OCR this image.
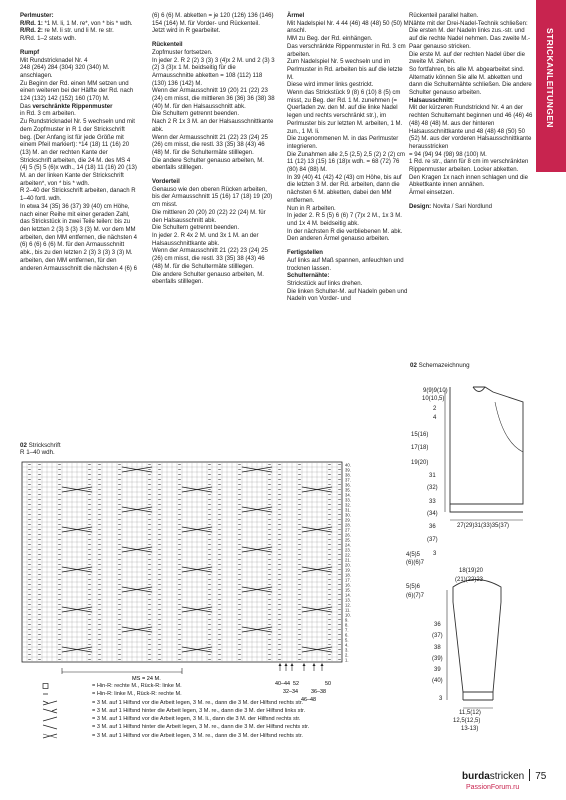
STRICKANLEITUNGEN

Perlmuster:

R/Rd. 1: *1 M. li, 1 M. re*, von * bis * wdh.

R/Rd. 2: re M. li str. und li M. re str.
R/Rd. 1–2 stets wdh.

Rumpf

Mit Rundstricknadel Nr. 4
248 (264) 284 (304) 320 (340) M. anschlagen.
Zu Beginn der Rd. einen MM setzen und einen weiteren bei der Hälfte der Rd. nach 124 (132) 142 (152) 160 (170) M.

Das verschränkte Rippenmuster
in Rd. 3 cm arbeiten.
Zu Rundstricknadel Nr. 5 wechseln und mit dem Zopfmuster in R 1 der Strickschrift beg. (Der Anfang ist für jede Größe mit einem Pfeil markiert): *14 (18) 11 (16) 20 (13) M. an der rechten Kante der Strickschrift arbeiten, die 24 M. des MS 4 (4) 5 (5) 5 (6)x wdh., 14 (18) 11 (16) 20 (13) M. an der linken Kante der Strickschrift arbeiten*, von * bis * wdh.
R 2–40 der Strickschrift arbeiten, danach R 1–40 fortl. wdh.
In etwa 34 (35) 36 (37) 39 (40) cm Höhe, nach einer Reihe mit einer geraden Zahl, das Strickstück in zwei Teile teilen: bis zu den letzten 2 (3) 3 (3) 3 (3) M. vor dem MM arbeiten, den MM entfernen, die nächsten 4 (6) 6 (6) 6 (6) M. für den Armausschnitt abk., bis zu den letzten 2 (3) 3 (3) 3 (3) M. arbeiten, den MM entfernen, für den anderen Armausschnitt die nächsten 4 (6) 6

(6) 6 (6) M. abketten = je 120 (126) 136 (146) 154 (164) M. für Vorder- und Rückenteil.
Jetzt wird in R gearbeitet.

Rückenteil

Zopfmuster fortsetzen.
In jeder 2. R 2 (2) 3 (3) 3 (4)x 2 M. und 2 (3) 3 (2) 3 (3)x 1 M. beidseitig für die Armausschnitte abketten = 108 (112) 118 (130) 136 (142) M.
Wenn der Armausschnitt 19 (20) 21 (22) 23 (24) cm misst, die mittleren 36 (36) 36 (38) 38 (40) M. für den Halsausschnitt abk.
Die Schultern getrennt beenden.
Nach 2 R 1x 3 M. an der Halsausschnittkante abk.
Wenn der Armausschnitt 21 (22) 23 (24) 25 (26) cm misst, die restl. 33 (35) 38 (43) 46 (48) M. für die Schultermäte stilllegen.
Die andere Schulter genauso arbeiten, M. ebenfalls stilllegen.

Vorderteil

Genauso wie den oberen Rücken arbeiten, bis der Armausschnitt 15 (16) 17 (18) 19 (20) cm misst.
Die mittleren 20 (20) 20 (22) 22 (24) M. für den Halsausschnitt abk.
Die Schultern getrennt beenden.
In jeder 2. R 4x 2 M. und 3x 1 M. an der Halsausschnittkante abk.
Wenn der Armausschnitt 21 (22) 23 (24) 25 (26) cm misst, die restl. 33 (35) 38 (43) 46 (48) M. für die Schultermäte stilllegen.
Die andere Schulter genauso arbeiten, M. ebenfalls stilllegen.

Ärmel

Mit Nadelspiel Nr. 4 44 (46) 48 (48) 50 (50) M. anschl.
MM zu Beg. der Rd. einhängen.
Das verschränkte Rippenmuster in Rd. 3 cm arbeiten.
Zum Nadelspiel Nr. 5 wechseln und im Perlmuster in Rd. arbeiten bis auf die letzte M.
Diese wird immer links gestrickt.
Wenn das Strickstück 9 (8) 6 (10) 8 (5) cm misst, zu Beg. der Rd. 1 M. zunehmen (= Querfaden zw. den M. auf die linke Nadel legen und rechts verschränkt str.), im Perlmuster bis zur letzten M. arbeiten, 1 M. zun., 1 M. li.
Die zugenommenen M. in das Perlmuster integrieren.
Die Zunahmen alle 2,5 (2,5) 2,5 (2) 2 (2) cm 11 (12) 13 (15) 16 (18)x wdh. = 68 (72) 76 (80) 84 (88) M.
In 39 (40) 41 (42) 42 (43) cm Höhe, bis auf die letzten 3 M. der Rd. arbeiten, dann die nächsten 6 M. abketten, dabei den MM entfernen.
Nun in R arbeiten.
In jeder 2. R 5 (5) 6 (6) 7 (7)x 2 M., 1x 3 M. und 1x 4 M. beidseitig abk.
In der nächsten R die verbliebenen M. abk.
Den anderen Ärmel genauso arbeiten.

Fertigstellen

Auf links auf Maß spannen, anfeuchten und trocknen lassen.

Schulternähte:

Strickstück auf links drehen.
Die linken Schulter-M. auf Nadeln geben und Nadeln von Vorder- und

Rückenteil parallel halten.
Nähte mit der Drei-Nadel-Technik schließen: Die ersten M. der Nadeln links zus.-str. und auf die rechte Nadel nehmen. Das zweite M.-Paar genauso stricken.
Die erste M. auf der rechten Nadel über die zweite M. ziehen.
So fortfahren, bis alle M. abgearbeitet sind.
Alternativ können Sie alle M. abketten und dann die Schulternähte schließen. Die andere Schulter genauso arbeiten.

Halsausschnitt:

Mit der kürzeren Rundstricknd Nr. 4 an der rechten Schulternaht beginnen und 46 (46) 46 (48) 48 (48) M. aus der hinteren Halsausschnittkante und 48 (48) 48 (50) 50 (52) M. aus der vorderen Halsausschnittkante herausstricken
= 94 (94) 94 (98) 98 (100) M.
1 Rd. re str., dann für 8 cm im verschränkten Rippenmuster arbeiten. Locker abketten.
Den Kragen 1x nach innen schlagen und die Abkettkante innen annähen.
Ärmel einsetzen.

Design: Novita / Sari Nordlund

02 Strickschrift
R 1–40 wdh.
40.
39.
38.
37.
36.
35.
34.
33.
32.
31.
30.
29.
28.
27.
26.
25.
24.
23.
22.
21.
20.
19.
18.
17.
16.
15.
14.
13.
12.
11.
10.
9.
8.
7.
6.
5.
4.
3.
2.
1.
MS = 24 M.
40–44 52	50
32–34 36–38
46–48
= Hin-R: rechte M., Rück-R: linke M.
= Hin-R: linke M., Rück-R: rechte M.
= 3 M. auf 1 Hilfsnd vor die Arbeit legen, 3 M. re., dann die 3 M. der Hilfsnd rechts str.
= 3 M. auf 1 Hilfsnd hinter die Arbeit legen, 3 M. re., dann die 3 M. der Hilfsnd links str.
= 3 M. auf 1 Hilfsnd vor die Arbeit legen, 3 M. li., dann die 3 M. der Hilfsnd rechts str.
= 3 M. auf 1 Hilfsnd hinter die Arbeit legen, 3 M. re., dann die 3 M. der Hilfsnd rechts str.
= 3 M. auf 1 Hilfsnd vor die Arbeit legen, 3 M. re., dann die 3 M. der Hilfsnd rechts str.
02 Schemazeichnung
9(9)9(10)
10(10,5)
2
4
15(16)
17(18)
19(20)
31
(32)
33
(34)
36
(37)
3
27(29)31(33)35(37)
18(19)20
(21)(22)23
4(5)5
(6)(6)7
5(5)6
(6)(7)7
36
(37)
38
(39)
39
(40)
3
11,5(12)
12,5(12,5)
13-13)
burdastricken 75
PassionForum.ru
